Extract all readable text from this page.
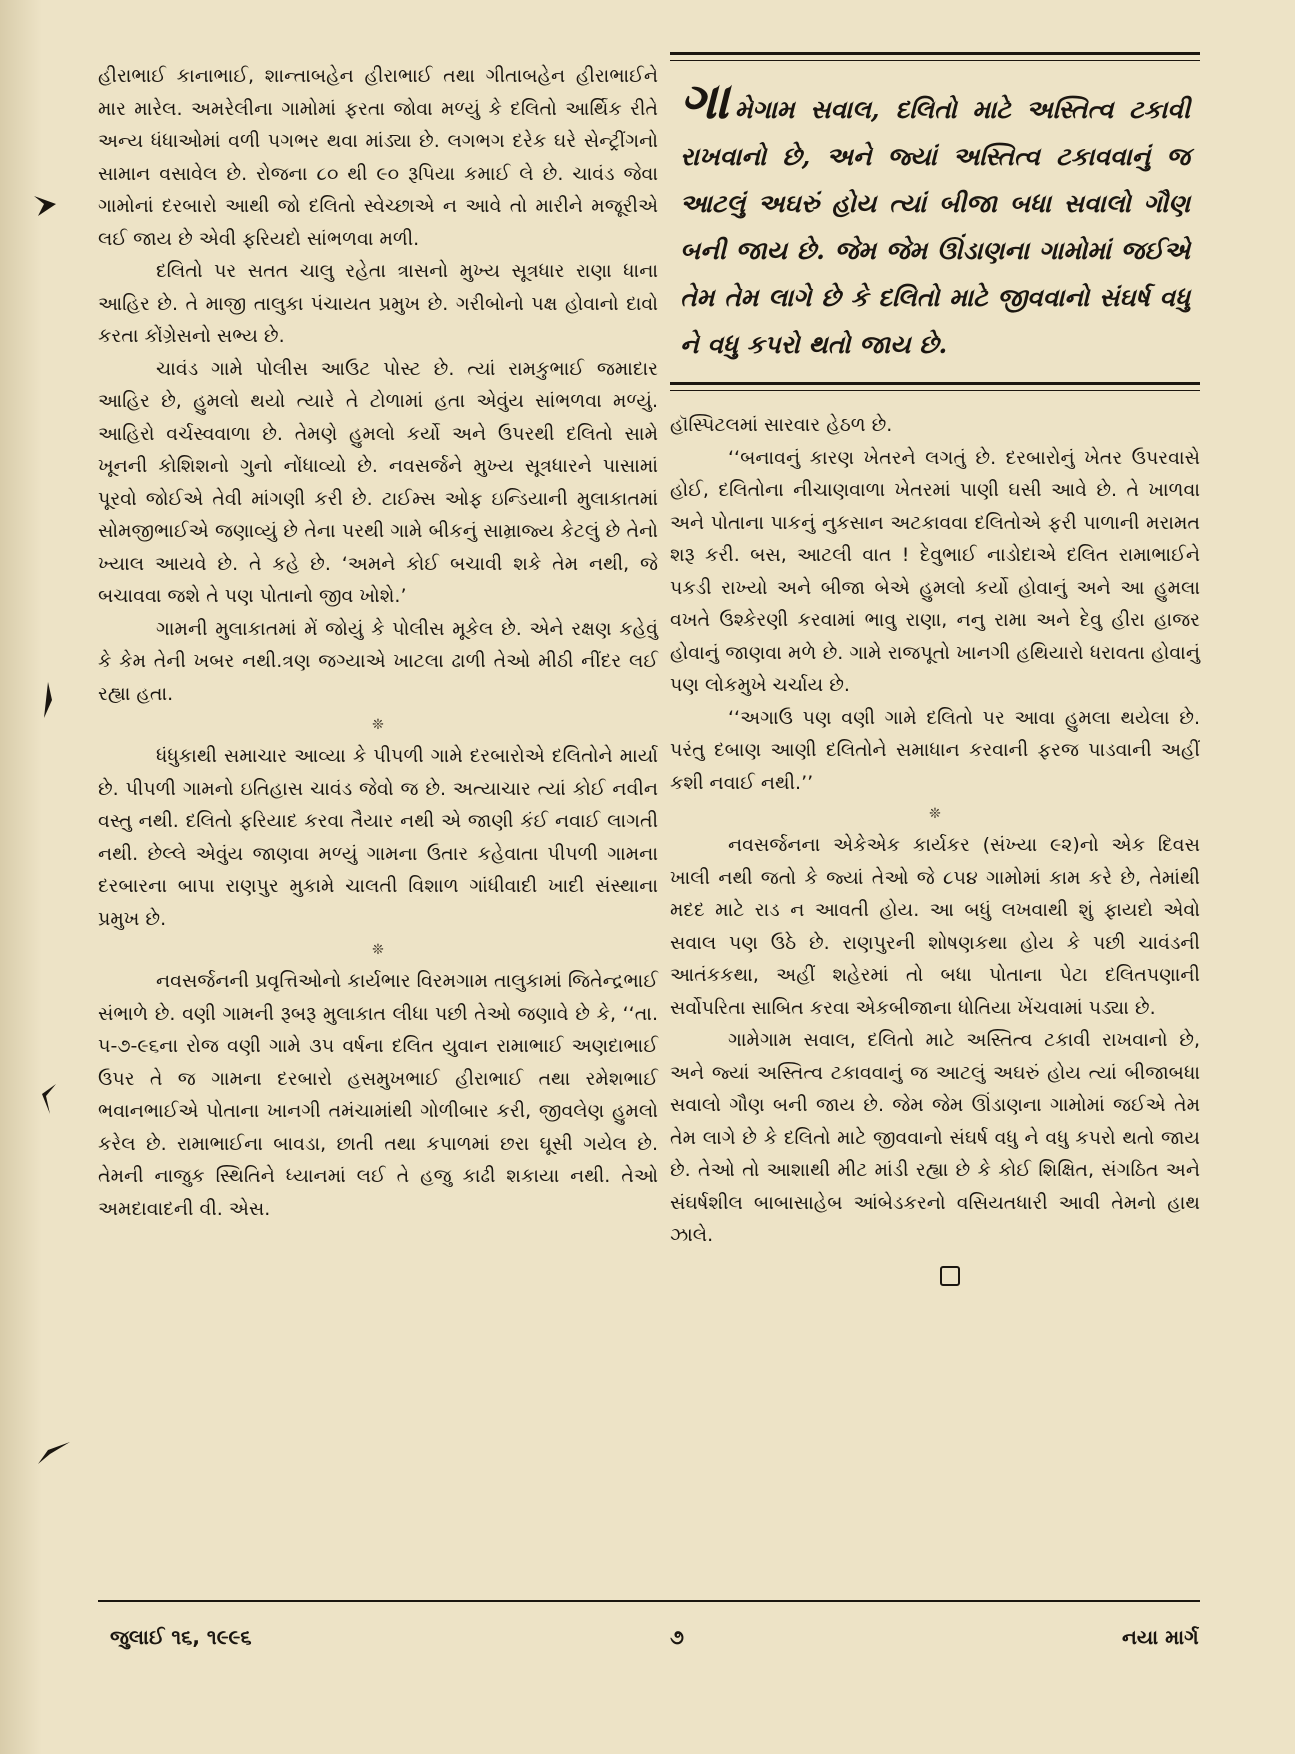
હીરાભાઈ કાનાભાઈ, શાન્તાબહેન હીરાભાઈ તથા ગીતાબહેન હીરાભાઈને માર મારેલ. અમરેલીના ગામોમાં ફરતા જોવા મળ્યું કે દલિતો આર્થિક રીતે અન્ય ધંધાઓમાં વળી પગભર થવા માંડ્યા છે. લગભગ દરેક ઘરે સેન્ટ્રીંગનો સામાન વસાવેલ છે. રોજના ૮૦ થી ૯૦ રૂપિયા કમાઈ લે છે. ચાવંડ જેવા ગામોનાં દરબારો આથી જો દલિતો સ્વેચ્છાએ ન આવે તો મારીને મજૂરીએ લઈ જાય છે એવી ફરિયદો સાંભળવા મળી.

દલિતો પર સતત ચાલુ રહેતા ત્રાસનો મુખ્ય સૂત્રધાર રાણા ધાના આહિર છે. તે માજી તાલુકા પંચાયત પ્રમુખ છે. ગરીબોનો પક્ષ હોવાનો દાવો કરતા કોંગ્રેસનો સભ્ય છે.

ચાવંડ ગામે પોલીસ આઉટ પોસ્ટ છે. ત્યાં રામકુભાઈ જમાદાર આહિર છે, હુમલો થયો ત્યારે તે ટોળામાં હતા એવુંય સાંભળવા મળ્યું. આહિરો વર્ચસ્વવાળા છે. તેમણે હુમલો કર્યો અને ઉપરથી દલિતો સામે ખૂનની કોશિશનો ગુનો નોંધાવ્યો છે. નવસર્જને મુખ્ય સૂત્રધારને પાસામાં પૂરવો જોઈએ તેવી માંગણી કરી છે. ટાઈમ્સ ઓફ ઇન્ડિયાની મુલાકાતમાં સોમજીભાઈએ જણાવ્યું છે તેના પરથી ગામે બીકનું સામ્રાજ્ય કેટલું છે તેનો ખ્યાલ આયવે છે. તે કહે છે. ‘અમને કોઈ બચાવી શકે તેમ નથી, જે બચાવવા જશે તે પણ પોતાનો જીવ ખોશે.’

ગામની મુલાકાતમાં મેં જોયું કે પોલીસ મૂકેલ છે. એને રક્ષણ કહેવું કે કેમ તેની ખબર નથી.ત્રણ જગ્યાએ ખાટલા ઢાળી તેઓ મીઠી નીંદર લઈ રહ્યા હતા.

❊

ધંધુકાથી સમાચાર આવ્યા કે પીપળી ગામે દરબારોએ દલિતોને માર્યા છે. પીપળી ગામનો ઇતિહાસ ચાવંડ જેવો જ છે. અત્યાચાર ત્યાં કોઈ નવીન વસ્તુ નથી. દલિતો ફરિયાદ કરવા તૈયાર નથી એ જાણી કંઈ નવાઈ લાગતી નથી. છેલ્લે એવુંય જાણવા મળ્યું ગામના ઉતાર કહેવાતા પીપળી ગામના દરબારના બાપા રાણપુર મુકામે ચાલતી વિશાળ ગાંધીવાદી ખાદી સંસ્થાના પ્રમુખ છે.

❊

નવસર્જનની પ્રવૃત્તિઓનો કાર્યભાર વિરમગામ તાલુકામાં જિતેન્દ્રભાઈ સંભાળે છે. વણી ગામની રૂબરૂ મુલાકાત લીધા પછી તેઓ જણાવે છે કે, ‘‘તા. ૫-૭-૯૬ના રોજ વણી ગામે ૩૫ વર્ષના દલિત યુવાન રામાભાઈ અણદાભાઈ ઉપર તે જ ગામના દરબારો હસમુખભાઈ હીરાભાઈ તથા રમેશભાઈ ભવાનભાઈએ પોતાના ખાનગી તમંચામાંથી ગોળીબાર કરી, જીવલેણ હુમલો કરેલ છે. રામાભાઈના બાવડા, છાતી તથા કપાળમાં છરા ઘૂસી ગયેલ છે. તેમની નાજુક સ્થિતિને ધ્યાનમાં લઈ તે હજુ કાઢી શકાયા નથી. તેઓ અમદાવાદની વી. એસ.

ગામેગામ સવાલ, દલિતો માટે અસ્તિત્વ ટકાવી રાખવાનો છે, અને જ્યાં અસ્તિત્વ ટકાવવાનું જ આટલું અઘરું હોય ત્યાં બીજા બધા સવાલો ગૌણ બની જાય છે. જેમ જેમ ઊંડાણના ગામોમાં જઈએ તેમ તેમ લાગે છે કે દલિતો માટે જીવવાનો સંઘર્ષ વધુ ને વધુ કપરો થતો જાય છે.

હૉસ્પિટલમાં સારવાર હેઠળ છે.

‘‘બનાવનું કારણ ખેતરને લગતું છે. દરબારોનું ખેતર ઉપરવાસે હોઈ, દલિતોના નીચાણવાળા ખેતરમાં પાણી ઘસી આવે છે. તે ખાળવા અને પોતાના પાકનું નુકસાન અટકાવવા દલિતોએ ફરી પાળાની મરામત શરૂ કરી. બસ, આટલી વાત ! દેવુભાઈ નાડોદાએ દલિત રામાભાઈને પકડી રાખ્યો અને બીજા બેએ હુમલો કર્યો હોવાનું અને આ હુમલા વખતે ઉશ્કેરણી કરવામાં ભાવુ રાણા, નનુ રામા અને દેવુ હીરા હાજર હોવાનું જાણવા મળે છે. ગામે રાજપૂતો ખાનગી હથિયારો ધરાવતા હોવાનું પણ લોકમુખે ચર્ચાય છે.

‘‘અગાઉ પણ વણી ગામે દલિતો પર આવા હુમલા થયેલા છે. પરંતુ દબાણ આણી દલિતોને સમાધાન કરવાની ફરજ પાડવાની અહીં કશી નવાઈ નથી.’’

❊

નવસર્જનના એકેએક કાર્યકર (સંખ્યા ૯૨)નો એક દિવસ ખાલી નથી જતો કે જ્યાં તેઓ જે ૮૫૪ ગામોમાં કામ કરે છે, તેમાંથી મદદ માટે રાડ ન આવતી હોય. આ બધું લખવાથી શું ફાયદો એવો સવાલ પણ ઉઠે છે. રાણપુરની શોષણકથા હોય કે પછી ચાવંડની આતંકકથા, અહીં શહેરમાં તો બધા પોતાના પેટા દલિતપણાની સર્વોપરિતા સાબિત કરવા એકબીજાના ધોતિયા ખેંચવામાં પડ્યા છે.

ગામેગામ સવાલ, દલિતો માટે અસ્તિત્વ ટકાવી રાખવાનો છે, અને જ્યાં અસ્તિત્વ ટકાવવાનું જ આટલું અઘરું હોય ત્યાં બીજાબધા સવાલો ગૌણ બની જાય છે. જેમ જેમ ઊંડાણના ગામોમાં જઈએ તેમ તેમ લાગે છે કે દલિતો માટે જીવવાનો સંઘર્ષ વધુ ને વધુ કપરો થતો જાય છે. તેઓ તો આશાથી મીટ માંડી રહ્યા છે કે કોઈ શિક્ષિત, સંગઠિત અને સંઘર્ષશીલ બાબાસાહેબ આંબેડકરનો વસિયતધારી આવી તેમનો હાથ ઝાલે.

જુલાઈ ૧૬, ૧૯૯૬	૭	નયા માર્ગ
